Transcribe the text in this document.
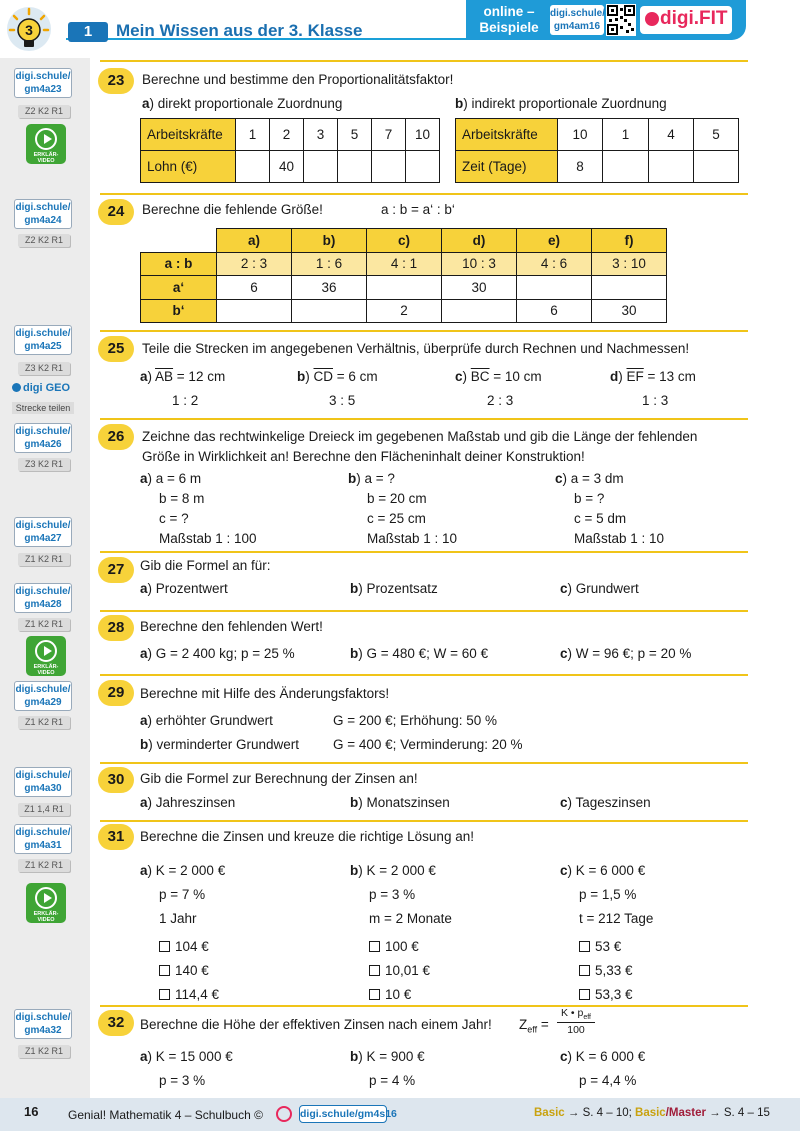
3	1	Mein Wissen aus der 3. Klasse
online –
Beispiele
digi.schule/
gm4am16	digi.FIT
digi.schule/
gm4a23
Z2 K2 R1
ERKLÄR-
VIDEO
digi.schule/
gm4a24
Z2 K2 R1
digi.schule/
gm4a25
Z3 K2 R1
digi GEO
Strecke teilen
digi.schule/
gm4a26
Z3 K2 R1
digi.schule/
gm4a27
Z1 K2 R1
digi.schule/
gm4a28
Z1 K2 R1
ERKLÄR-
VIDEO
digi.schule/
gm4a29
Z1 K2 R1
digi.schule/
gm4a30
Z1 1,4 R1
digi.schule/
gm4a31
Z1 K2 R1
ERKLÄR-
VIDEO
digi.schule/
gm4a32
Z1 K2 R1
23	Berechne und bestimme den Proportionalitätsfaktor!
a) direkt proportionale Zuordnung	b) indirekt proportionale Zuordnung
Arbeitskräfte	1	2	3	5	7	10
Lohn (€)		40				
Arbeitskräfte	10	1	4	5
Zeit (Tage)	8			
24	Berechne die fehlende Größe!	a : b = a‘ : b‘
	a)	b)	c)	d)	e)	f)
a : b	2 : 3	1 : 6	4 : 1	10 : 3	4 : 6	3 : 10
a‘	6	36		30		
b‘			2		6	30
25	Teile die Strecken im angegebenen Verhältnis, überprüfe durch Rechnen und Nachmessen!
a) $\overline{AB} = 12$ cm
1 : 2
b) $\overline{CD} = 6$ cm
3 : 5
c) $\overline{BC} = 10$ cm
2 : 3
d) $\overline{EF} = 13$ cm
1 : 3
26	Zeichne das rechtwinkelige Dreieck im gegebenen Maßstab und gib die Länge der fehlenden
Größe in Wirklichkeit an! Berechne den Flächeninhalt deiner Konstruktion!
a) a = 6 m
b = 8 m
c = ?
Maßstab 1 : 100
b) a = ?
b = 20 cm
c = 25 cm
Maßstab 1 : 10
c) a = 3 dm
b = ?
c = 5 dm
Maßstab 1 : 10
27	Gib die Formel an für:
a) Prozentwert	b) Prozentsatz	c) Grundwert
28	Berechne den fehlenden Wert!
a) G = 2 400 kg; p = 25 %	b) G = 480 €; W = 60 €	c) W = 96 €; p = 20 %
29	Berechne mit Hilfe des Änderungsfaktors!
a) erhöhter Grundwert	G = 200 €; Erhöhung: 50 %
b) verminderter Grundwert	G = 400 €; Verminderung: 20 %
30	Gib die Formel zur Berechnung der Zinsen an!
a) Jahreszinsen	b) Monatszinsen	c) Tageszinsen
31	Berechne die Zinsen und kreuze die richtige Lösung an!
a) K = 2 000 €
p = 7 %
1 Jahr
104 €
140 €
114,4 €
b) K = 2 000 €
p = 3 %
m = 2 Monate
100 €
10,01 €
10 €
c) K = 6 000 €
p = 1,5 %
t = 212 Tage
53 €
5,33 €
53,3 €
32	Berechne die Höhe der effektiven Zinsen nach einem Jahr! $Z_{eff}$ =
K • $p_{eff}$
100
a) K = 15 000 €
p = 3 %
b) K = 900 €
p = 4 %
c) K = 6 000 €
p = 4,4 %
16 Genial! Mathematik 4 – Schulbuch ©	digi.schule/gm4s16	Basic → S. 4 – 10; Basic/Master → S. 4 – 15
